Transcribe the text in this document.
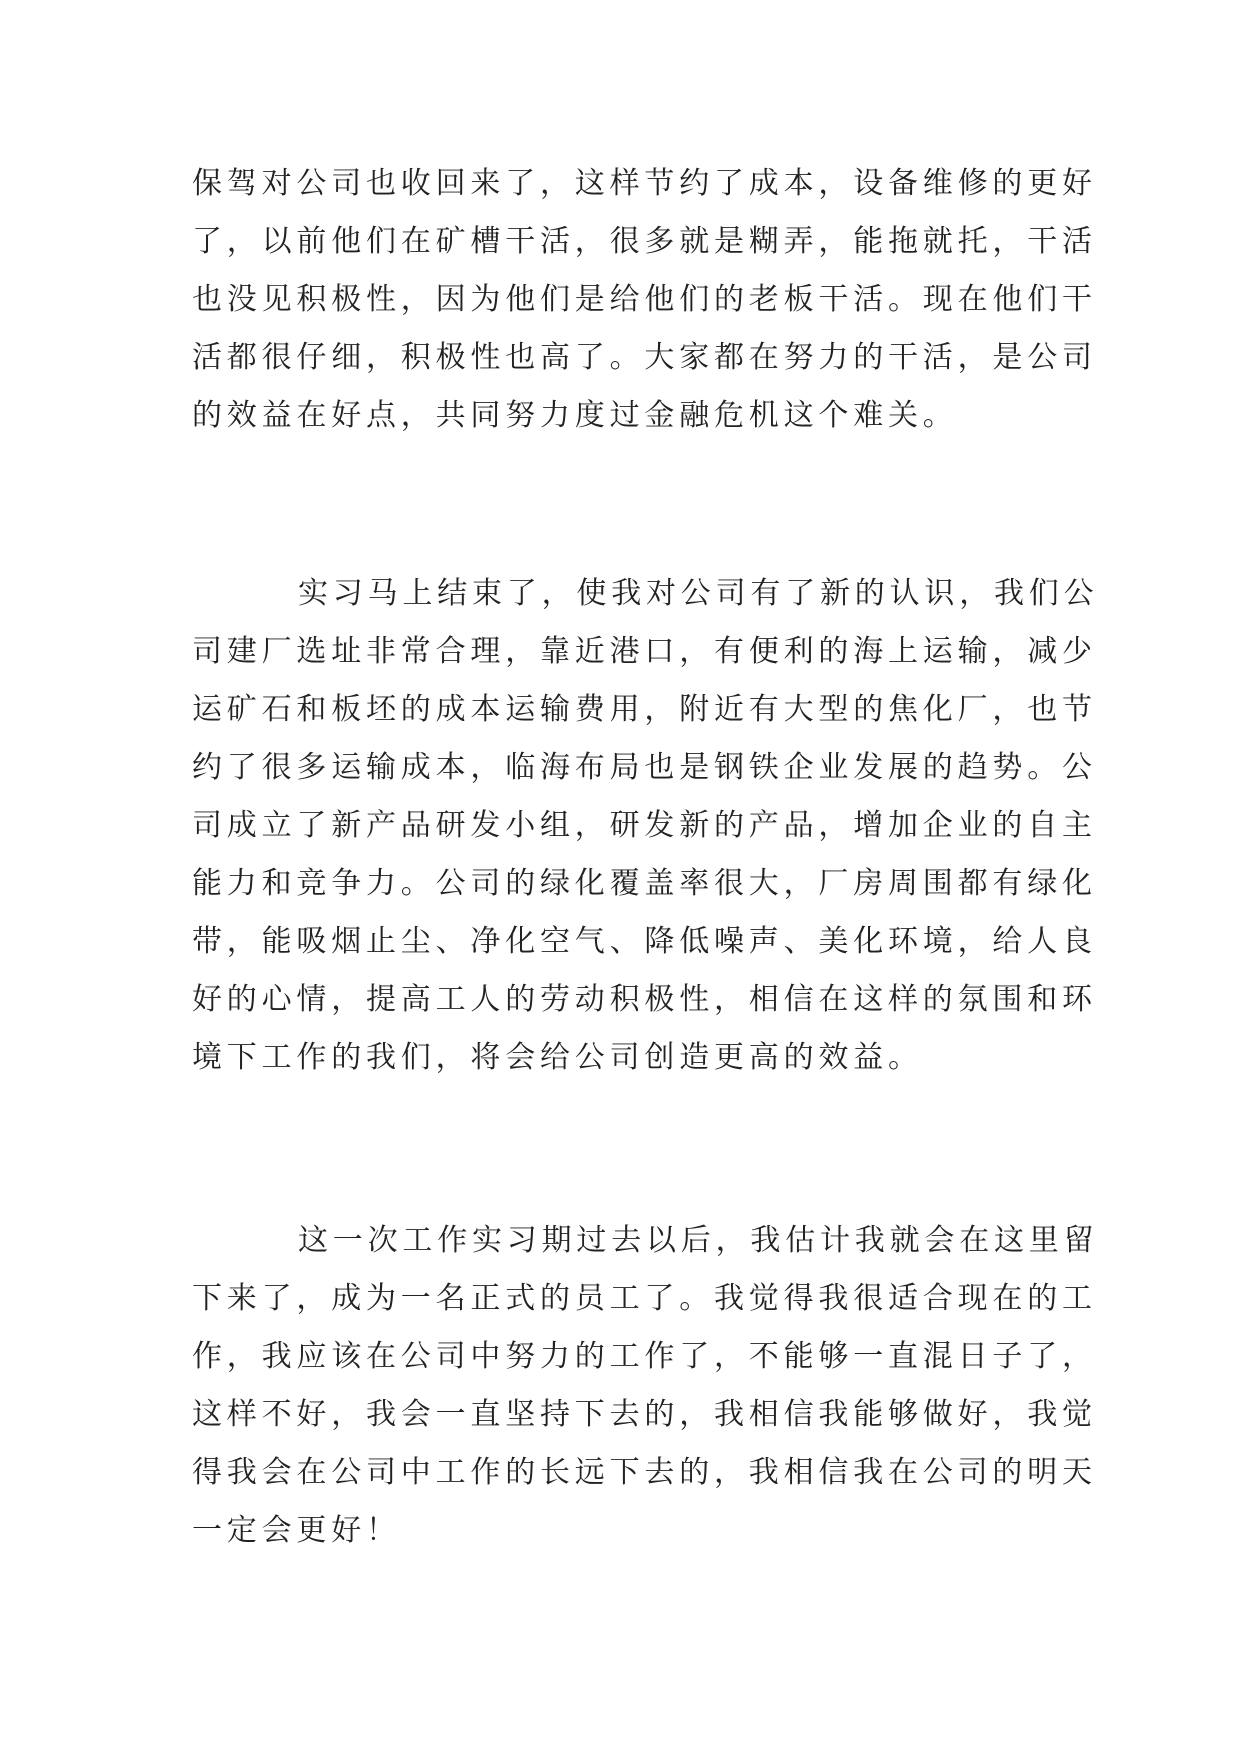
保驾对公司也收回来了，这样节约了成本，设备维修的更好
了，以前他们在矿槽干活，很多就是糊弄，能拖就托，干活
也没见积极性，因为他们是给他们的老板干活。现在他们干
活都很仔细，积极性也高了。大家都在努力的干活，是公司
的效益在好点，共同努力度过金融危机这个难关。
实习马上结束了，使我对公司有了新的认识，我们公
司建厂选址非常合理，靠近港口，有便利的海上运输，减少
运矿石和板坯的成本运输费用，附近有大型的焦化厂，也节
约了很多运输成本，临海布局也是钢铁企业发展的趋势。公
司成立了新产品研发小组，研发新的产品，增加企业的自主
能力和竞争力。公司的绿化覆盖率很大，厂房周围都有绿化
带，能吸烟止尘、净化空气、降低噪声、美化环境，给人良
好的心情，提高工人的劳动积极性，相信在这样的氛围和环
境下工作的我们，将会给公司创造更高的效益。
这一次工作实习期过去以后，我估计我就会在这里留
下来了，成为一名正式的员工了。我觉得我很适合现在的工
作，我应该在公司中努力的工作了，不能够一直混日子了，
这样不好，我会一直坚持下去的，我相信我能够做好，我觉
得我会在公司中工作的长远下去的，我相信我在公司的明天
一定会更好！
